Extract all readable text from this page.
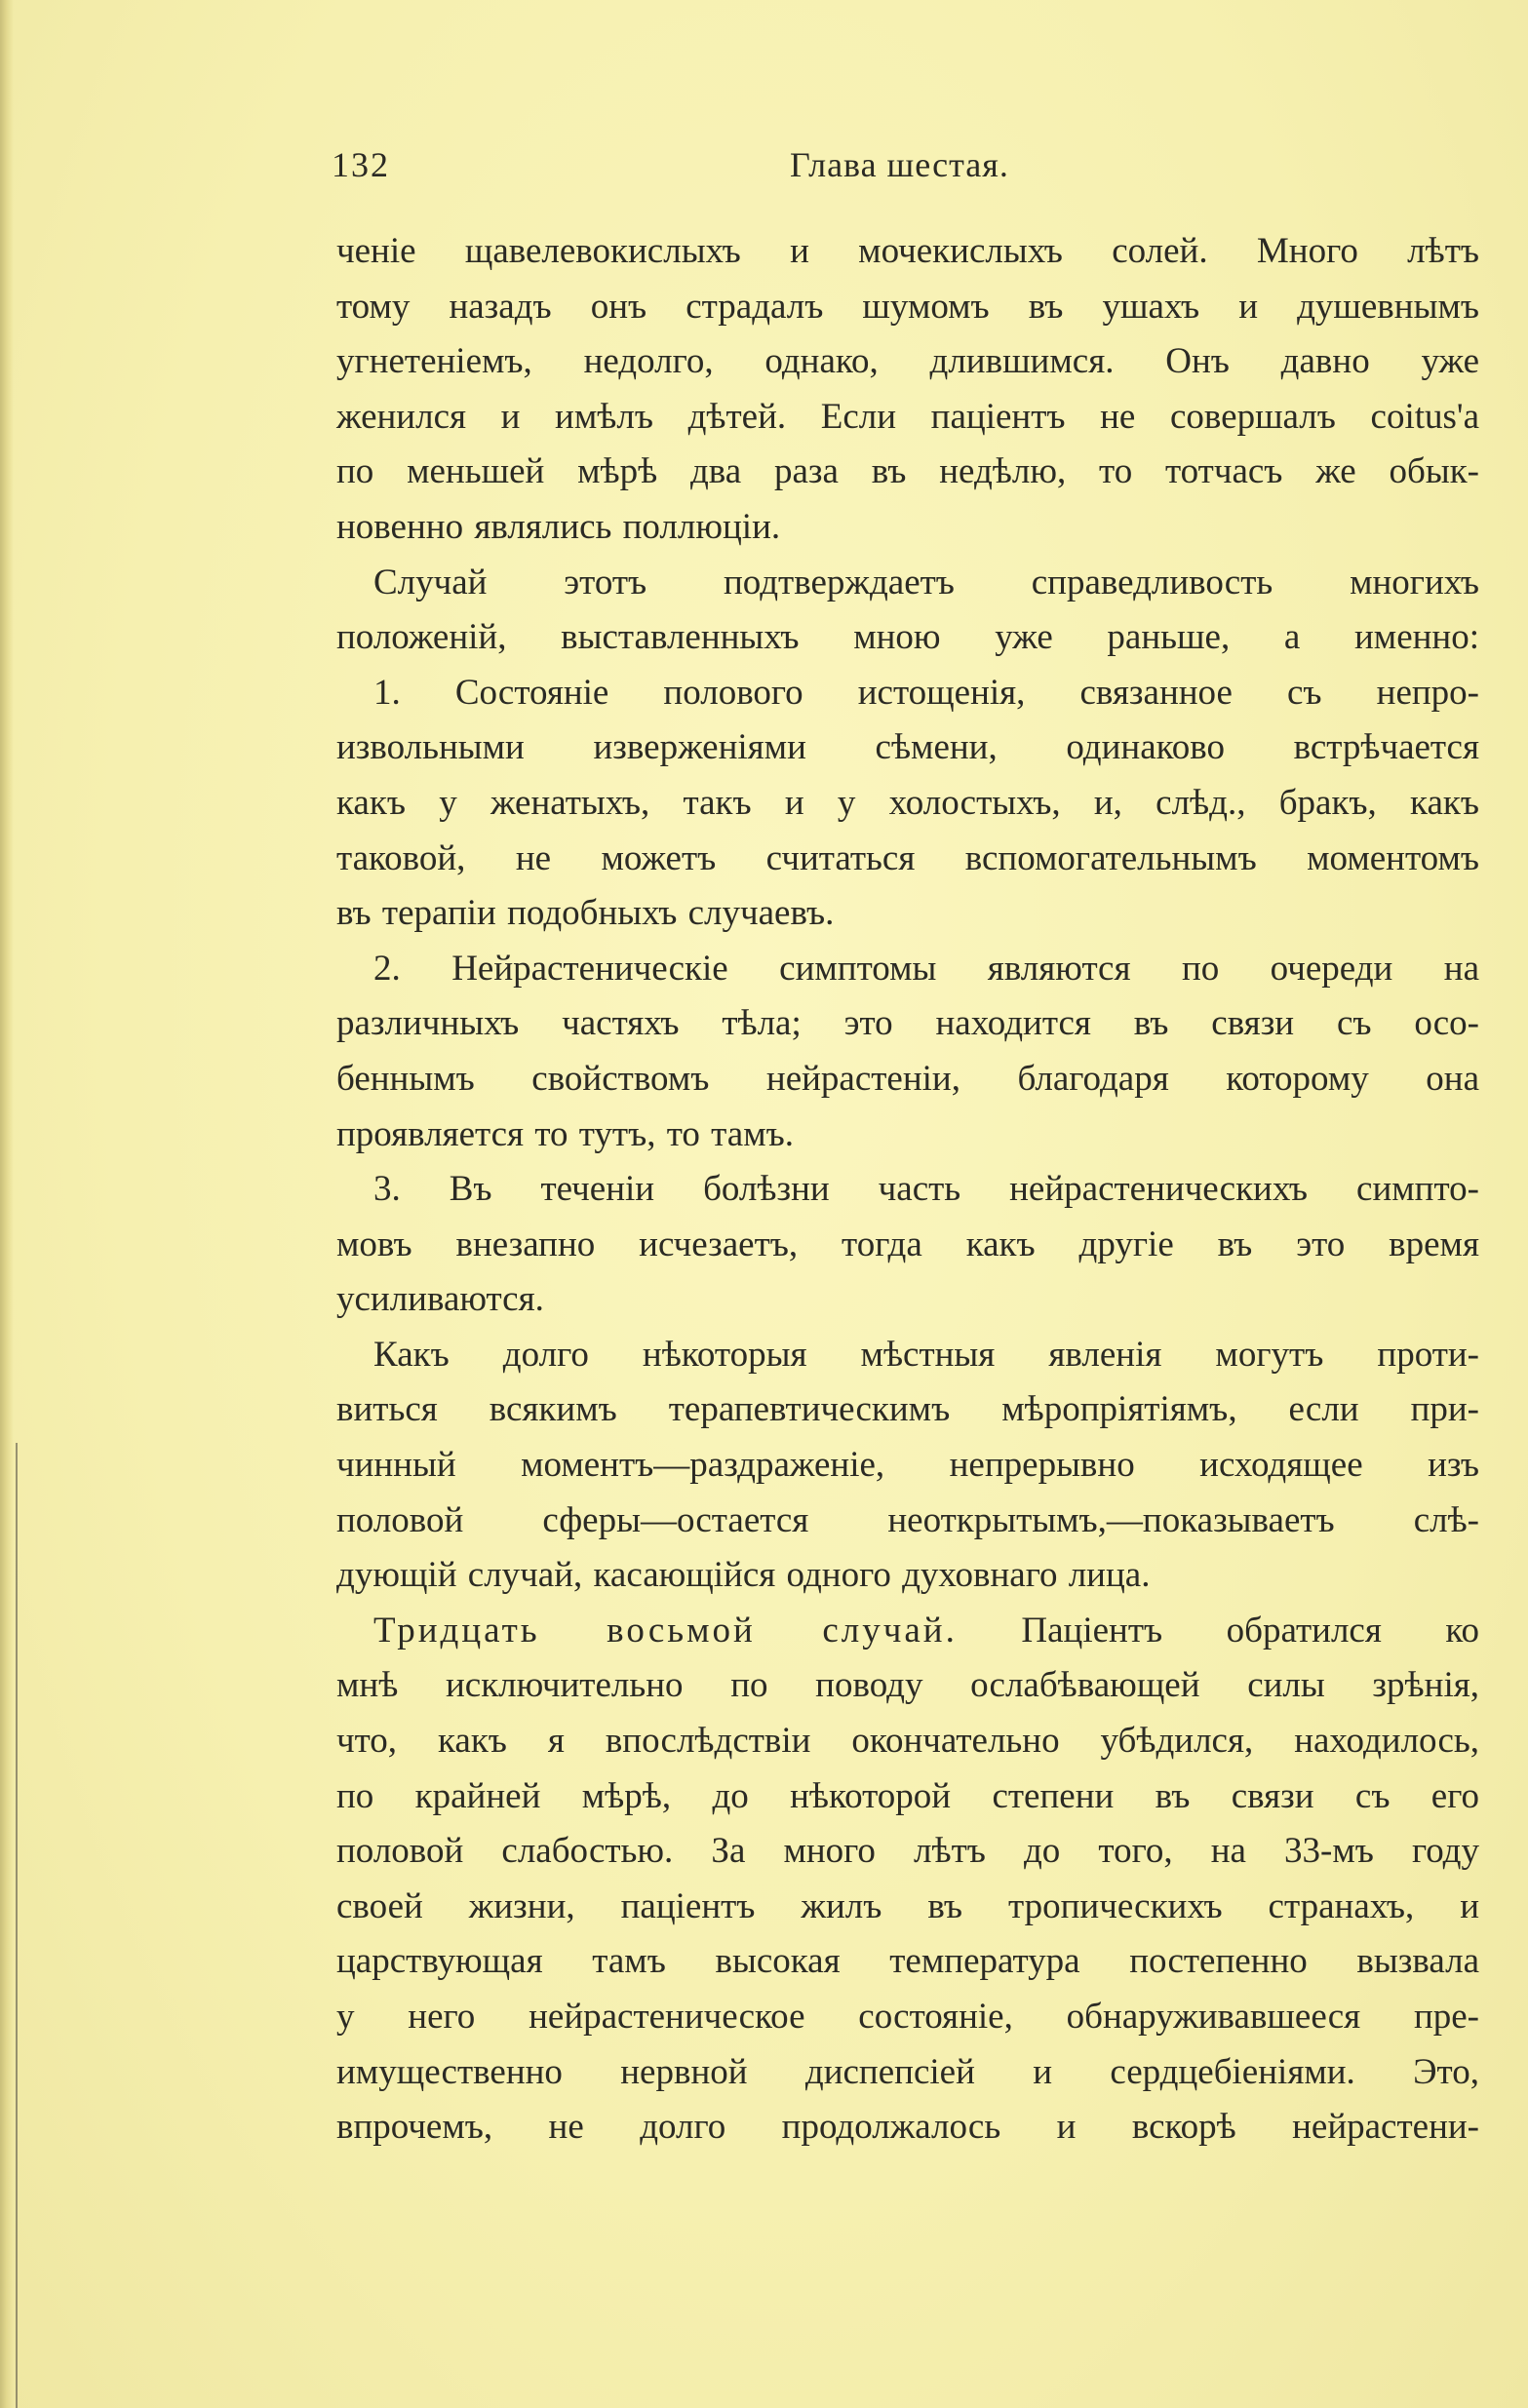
132	Глава шестая.
ченіе щавелевокислыхъ и мочекислыхъ солей. Много лѣтъ
тому назадъ онъ страдалъ шумомъ въ ушахъ и душевнымъ
угнетеніемъ, недолго, однако, длившимся. Онъ давно уже
женился и имѣлъ дѣтей. Если паціентъ не совершалъ coitus'а
по меньшей мѣрѣ два раза въ недѣлю, то тотчасъ же обык-
новенно являлись поллюціи.
Случай этотъ подтверждаетъ справедливость многихъ
положеній, выставленныхъ мною уже раньше, а именно:
1. Состояніе полового истощенія, связанное съ непро-
извольными изверженіями сѣмени, одинаково встрѣчается
какъ у женатыхъ, такъ и у холостыхъ, и, слѣд., бракъ, какъ
таковой, не можетъ считаться вспомогательнымъ моментомъ
въ терапіи подобныхъ случаевъ.
2. Нейрастеническіе симптомы являются по очереди на
различныхъ частяхъ тѣла; это находится въ связи съ осо-
беннымъ свойствомъ нейрастеніи, благодаря которому она
проявляется то тутъ, то тамъ.
3. Въ теченіи болѣзни часть нейрастеническихъ симпто-
мовъ внезапно исчезаетъ, тогда какъ другіе въ это время
усиливаются.
Какъ долго нѣкоторыя мѣстныя явленія могутъ проти-
виться всякимъ терапевтическимъ мѣропріятіямъ, если при-
чинный моментъ—раздраженіе, непрерывно исходящее изъ
половой сферы—остается неоткрытымъ,—показываетъ слѣ-
дующій случай, касающійся одного духовнаго лица.
Тридцать восьмой случай. Паціентъ обратился ко
мнѣ исключительно по поводу ослабѣвающей силы зрѣнія,
что, какъ я впослѣдствіи окончательно убѣдился, находилось,
по крайней мѣрѣ, до нѣкоторой степени въ связи съ его
половой слабостью. За много лѣтъ до того, на 33-мъ году
своей жизни, паціентъ жилъ въ тропическихъ странахъ, и
царствующая тамъ высокая температура постепенно вызвала
у него нейрастеническое состояніе, обнаруживавшееся пре-
имущественно нервной диспепсіей и сердцебіеніями. Это,
впрочемъ, не долго продолжалось и вскорѣ нейрастени-
